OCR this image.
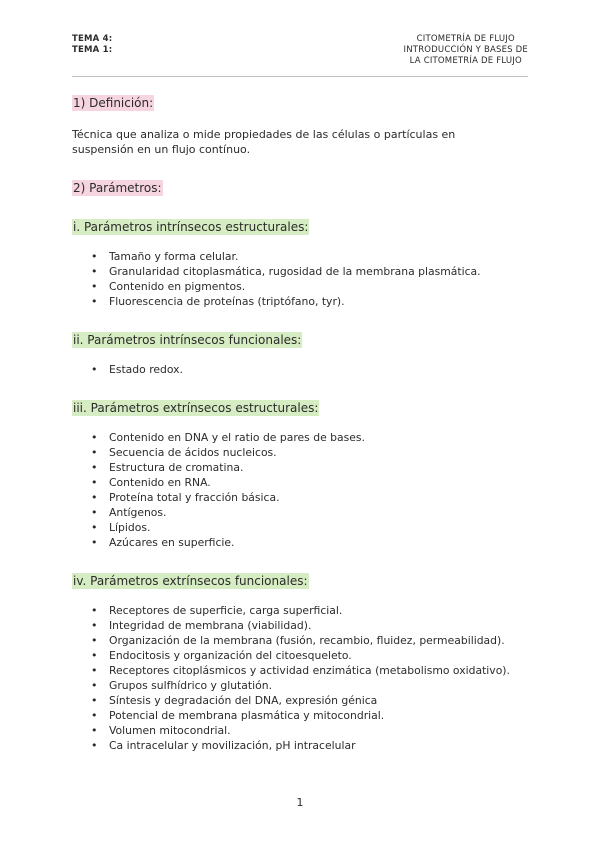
TEMA 4:
TEMA 1:
CITOMETRÍA DE FLUJO
INTRODUCCIÓN Y BASES DE
LA CITOMETRÍA DE FLUJO
1) Definición:

Técnica que analiza o mide propiedades de las células o partículas en suspensión en un flujo contínuo.

2) Parámetros:
i. Parámetros intrínsecos estructurales:
• Tamaño y forma celular.
• Granularidad citoplasmática, rugosidad de la membrana plasmática.
• Contenido en pigmentos.
• Fluorescencia de proteínas (triptófano, tyr).
ii. Parámetros intrínsecos funcionales:
• Estado redox.
iii. Parámetros extrínsecos estructurales:
• Contenido en DNA y el ratio de pares de bases.
• Secuencia de ácidos nucleicos.
• Estructura de cromatina.
• Contenido en RNA.
• Proteína total y fracción básica.
• Antígenos.
• Lípidos.
• Azúcares en superficie.
iv. Parámetros extrínsecos funcionales:
• Receptores de superficie, carga superficial.
• Integridad de membrana (viabilidad).
• Organización de la membrana (fusión, recambio, fluidez, permeabilidad).
• Endocitosis y organización del citoesqueleto.
• Receptores citoplásmicos y actividad enzimática (metabolismo oxidativo).
• Grupos sulfhídrico y glutatión.
• Síntesis y degradación del DNA, expresión génica
• Potencial de membrana plasmática y mitocondrial.
• Volumen mitocondrial.
• Ca intracelular y movilización, pH intracelular
1
